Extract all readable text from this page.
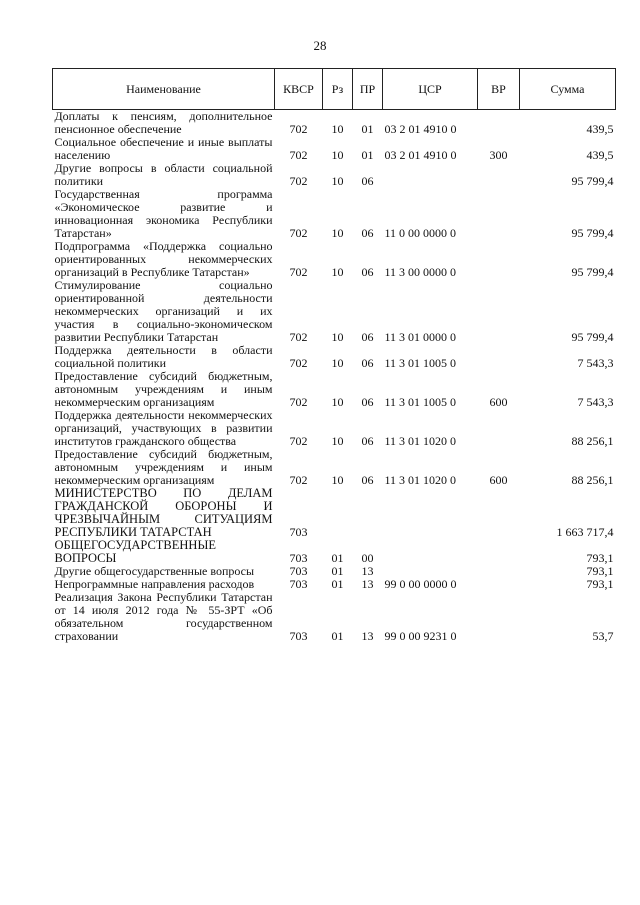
28
Наименование	КВСР	Рз	ПР	ЦСР	ВР	Сумма
Доплаты к пенсиям, дополнительное пенсионное обеспечение	702	10	01	03 2 01 4910 0		439,5
Социальное обеспечение и иные выплаты населению	702	10	01	03 2 01 4910 0	300	439,5
Другие вопросы в области социальной политики	702	10	06			95 799,4
Государственная программа «Экономическое развитие и инновационная экономика Республики Татарстан»	702	10	06	11 0 00 0000 0		95 799,4
Подпрограмма «Поддержка социально ориентированных некоммерческих организаций в Республике Татарстан»	702	10	06	11 3 00 0000 0		95 799,4
Стимулирование социально ориентированной деятельности некоммерческих организаций и их участия в социально-экономическом развитии Республики Татарстан	702	10	06	11 3 01 0000 0		95 799,4
Поддержка деятельности в области социальной политики	702	10	06	11 3 01 1005 0		7 543,3
Предоставление субсидий бюджетным, автономным учреждениям и иным некоммерческим организациям	702	10	06	11 3 01 1005 0	600	7 543,3
Поддержка деятельности некоммерческих организаций, участвующих в развитии институтов гражданского общества	702	10	06	11 3 01 1020 0		88 256,1
Предоставление субсидий бюджетным, автономным учреждениям и иным некоммерческим организациям	702	10	06	11 3 01 1020 0	600	88 256,1
МИНИСТЕРСТВО ПО ДЕЛАМ ГРАЖДАНСКОЙ ОБОРОНЫ И ЧРЕЗВЫЧАЙНЫМ СИТУАЦИЯМ РЕСПУБЛИКИ ТАТАРСТАН	703					1 663 717,4
ОБЩЕГОСУДАРСТВЕННЫЕ ВОПРОСЫ	703	01	00			793,1
Другие общегосударственные вопросы	703	01	13			793,1
Непрограммные направления расходов	703	01	13	99 0 00 0000 0		793,1
Реализация Закона Республики Татарстан от 14 июля 2012 года № 55-ЗРТ «Об обязательном государственном страховании	703	01	13	99 0 00 9231 0		53,7
